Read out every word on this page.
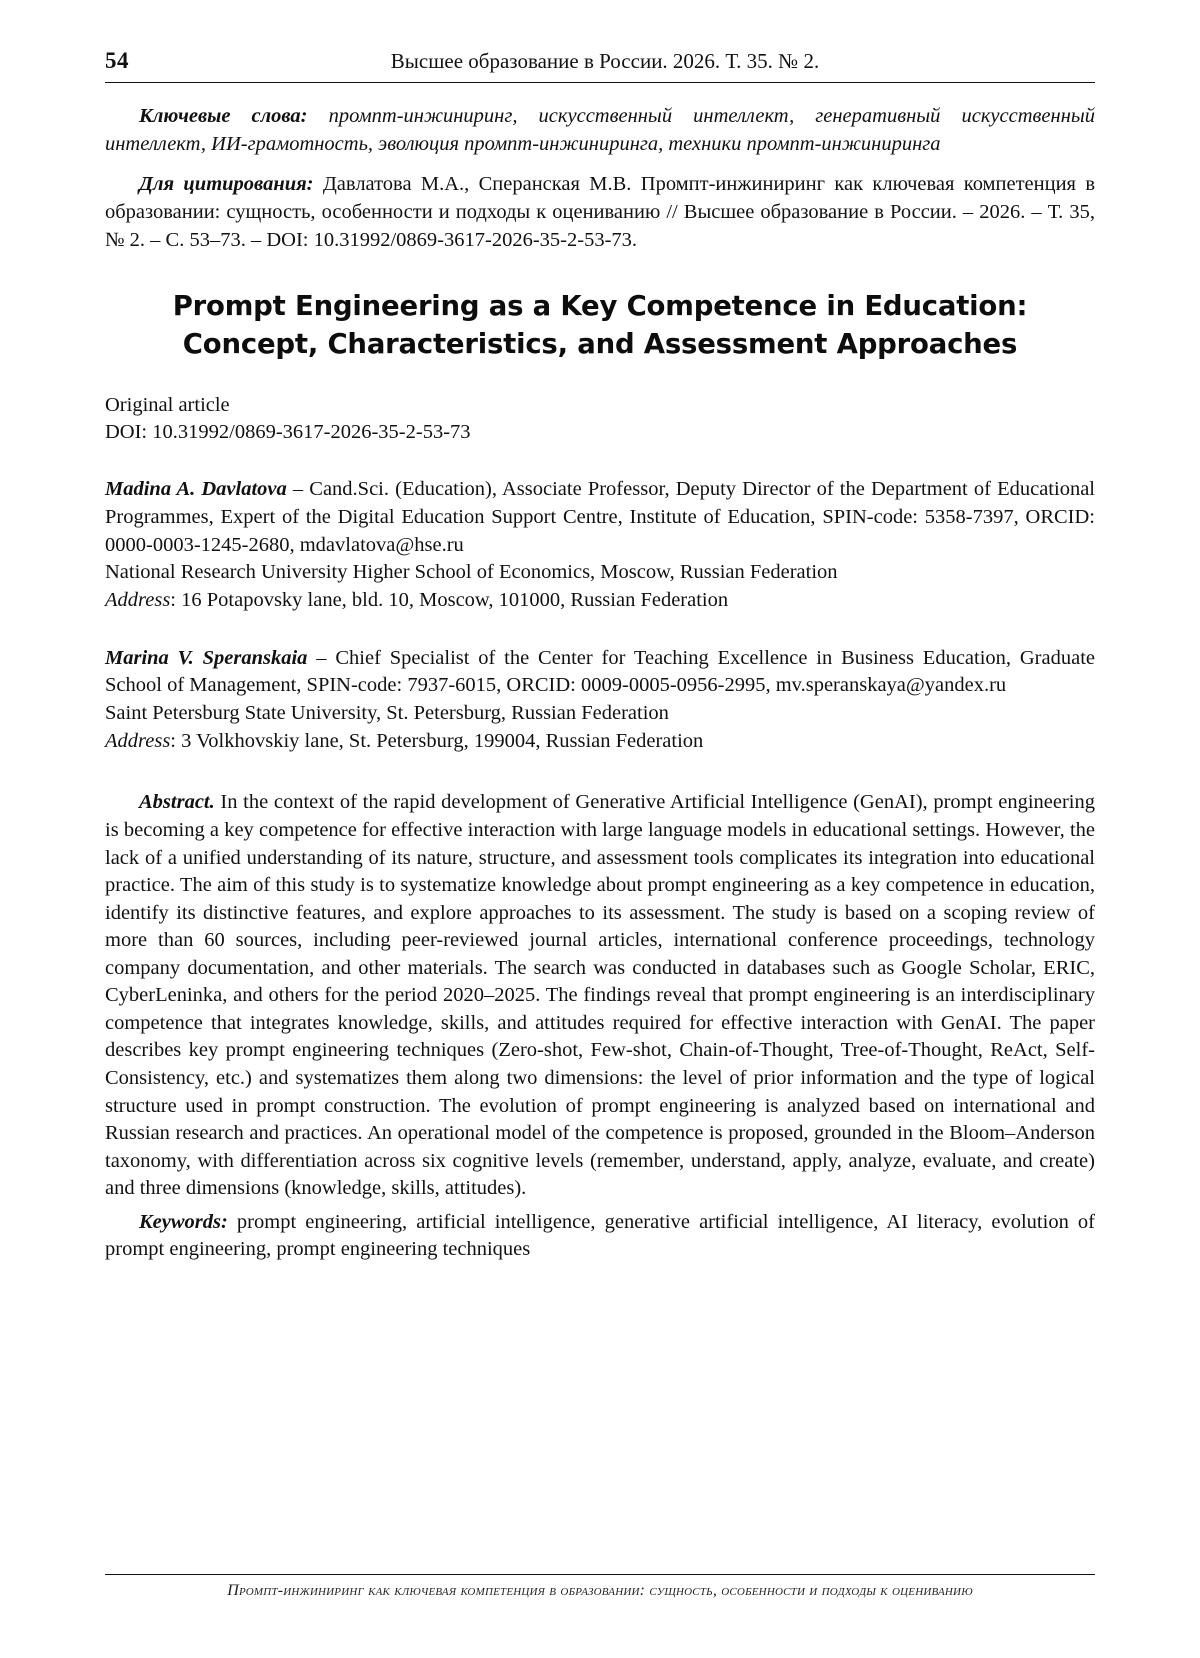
54	Высшее образование в России. 2026. Т. 35. № 2.

Ключевые слова: промпт-инжиниринг, искусственный интеллект, генеративный искусственный интеллект, ИИ-грамотность, эволюция промпт-инжиниринга, техники промпт-инжиниринга

Для цитирования: Давлатова М.А., Сперанская М.В. Промпт-инжиниринг как ключевая компетенция в образовании: сущность, особенности и подходы к оцениванию // Высшее образование в России. – 2026. – Т. 35, № 2. – С. 53–73. – DOI: 10.31992/0869-3617-2026-35-2-53-73.

Prompt Engineering as a Key Competence in Education: Concept, Characteristics, and Assessment Approaches
Original article
DOI: 10.31992/0869-3617-2026-35-2-53-73

Madina A. Davlatova – Cand.Sci. (Education), Associate Professor, Deputy Director of the Department of Educational Programmes, Expert of the Digital Education Support Centre, Institute of Education, SPIN-code: 5358-7397, ORCID: 0000-0003-1245-2680, mdavlatova@hse.ru

National Research University Higher School of Economics, Moscow, Russian Federation

Address: 16 Potapovsky lane, bld. 10, Moscow, 101000, Russian Federation

Marina V. Speranskaia – Chief Specialist of the Center for Teaching Excellence in Business Education, Graduate School of Management, SPIN-code: 7937-6015, ORCID: 0009-0005-0956-2995, mv.speranskaya@yandex.ru

Saint Petersburg State University, St. Petersburg, Russian Federation

Address: 3 Volkhovskiy lane, St. Petersburg, 199004, Russian Federation

Abstract. In the context of the rapid development of Generative Artificial Intelligence (GenAI), prompt engineering is becoming a key competence for effective interaction with large language models in educational settings. However, the lack of a unified understanding of its nature, structure, and assessment tools complicates its integration into educational practice. The aim of this study is to systematize knowledge about prompt engineering as a key competence in education, identify its distinctive features, and explore approaches to its assessment. The study is based on a scoping review of more than 60 sources, including peer-reviewed journal articles, international conference proceedings, technology company documentation, and other materials. The search was conducted in databases such as Google Scholar, ERIC, CyberLeninka, and others for the period 2020–2025. The findings reveal that prompt engineering is an interdisciplinary competence that integrates knowledge, skills, and attitudes required for effective interaction with GenAI. The paper describes key prompt engineering techniques (Zero-shot, Few-shot, Chain-of-Thought, Tree-of-Thought, ReAct, Self-Consistency, etc.) and systematizes them along two dimensions: the level of prior information and the type of logical structure used in prompt construction. The evolution of prompt engineering is analyzed based on international and Russian research and practices. An operational model of the competence is proposed, grounded in the Bloom–Anderson taxonomy, with differentiation across six cognitive levels (remember, understand, apply, analyze, evaluate, and create) and three dimensions (knowledge, skills, attitudes).

Keywords: prompt engineering, artificial intelligence, generative artificial intelligence, AI literacy, evolution of prompt engineering, prompt engineering techniques

Промпт-инжиниринг как ключевая компетенция в образовании: сущность, особенности и подходы к оцениванию
